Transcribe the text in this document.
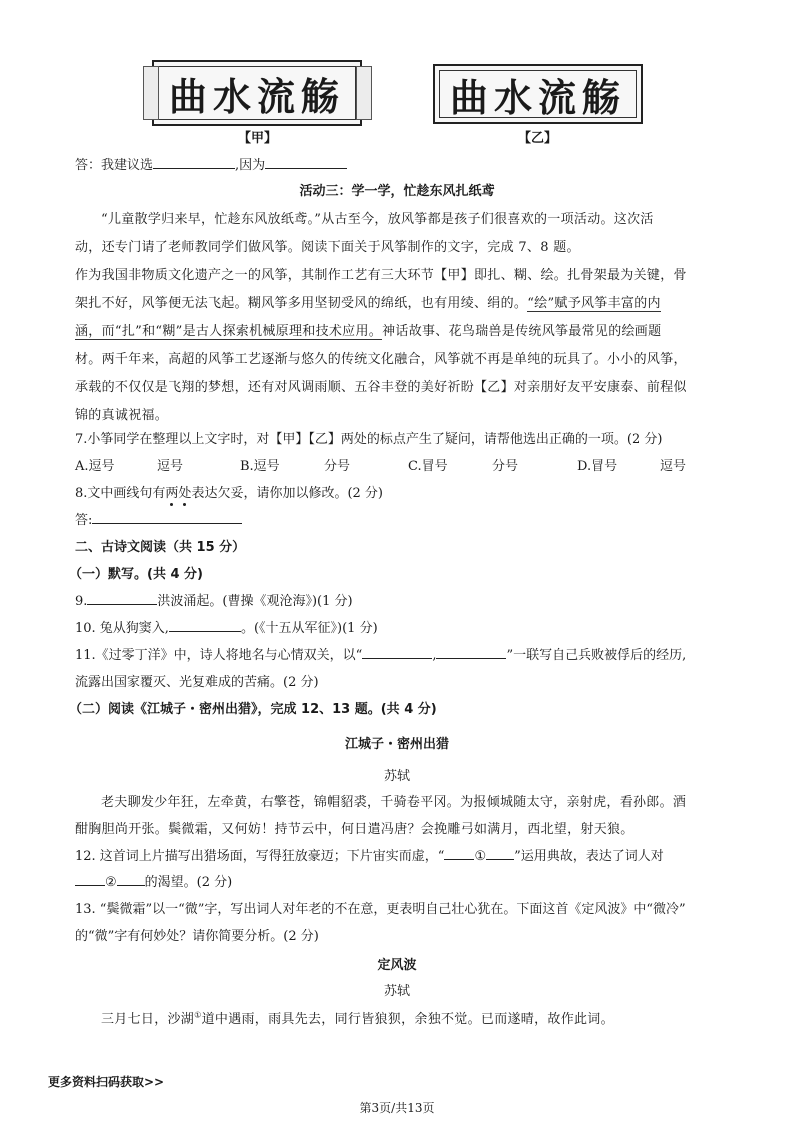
曲水流觞	曲水流觞
【甲】	【乙】
答：我建议选	,因为
活动三：学一学，忙趁东风扎纸鸢
“儿童散学归来早，忙趁东风放纸鸢。”从古至今，放风筝都是孩子们很喜欢的一项活动。这次活
动，还专门请了老师教同学们做风筝。阅读下面关于风筝制作的文字，完成 7、8 题。
作为我国非物质文化遗产之一的风筝，其制作工艺有三大环节【甲】即扎、糊、绘。扎骨架最为关键，骨
架扎不好，风筝便无法飞起。糊风筝多用坚韧受风的绵纸，也有用绫、绢的。“绘”赋予风筝丰富的内
涵，而“扎”和“糊”是古人探索机械原理和技术应用。神话故事、花鸟瑞兽是传统风筝最常见的绘画题
材。两千年来，高超的风筝工艺逐渐与悠久的传统文化融合，风筝就不再是单纯的玩具了。小小的风筝，
承载的不仅仅是飞翔的梦想，还有对风调雨顺、五谷丰登的美好祈盼【乙】对亲朋好友平安康泰、前程似
锦的真诚祝福。
7.小筝同学在整理以上文字时，对【甲】【乙】两处的标点产生了疑问，请帮他选出正确的一项。(2 分)
A.逗号	逗号	B.逗号	分号	C.冒号	分号	D.冒号	逗号
8.文中画线句有两处表达欠妥，请你加以修改。(2 分)
答:
二、古诗文阅读（共 15 分）
（一）默写。(共 4 分)
9.	洪波涌起。(曹操《观沧海》)(1 分)
10. 兔从狗窦入,	。(《十五从军征》)(1 分)
11.《过零丁洋》中，诗人将地名与心情双关，以“	,	”一联写自己兵败被俘后的经历,
流露出国家覆灭、光复难成的苦痛。(2 分)
（二）阅读《江城子・密州出猎》，完成 12、13 题。(共 4 分)
江城子・密州出猎
苏轼
老夫聊发少年狂，左牵黄，右擎苍，锦帽貂裘，千骑卷平冈。为报倾城随太守，亲射虎，看孙郎。酒
酣胸胆尚开张。鬓微霜，又何妨！持节云中，何日遣冯唐？会挽雕弓如满月，西北望，射天狼。
12. 这首词上片描写出猎场面，写得狂放豪迈；下片宙实而虚，“ ① ”运用典故，表达了词人对
② 的渴望。(2 分)
13. “鬓微霜”以一“微”字，写出词人对年老的不在意，更表明自己壮心犹在。下面这首《定风波》中“微冷”
的“微”字有何妙处？请你简要分析。(2 分)
定风波
苏轼
三月七日，沙湖①道中遇雨，雨具先去，同行皆狼狈，余独不觉。已而遂晴，故作此词。
更多资料扫码获取>>
第3页/共13页
